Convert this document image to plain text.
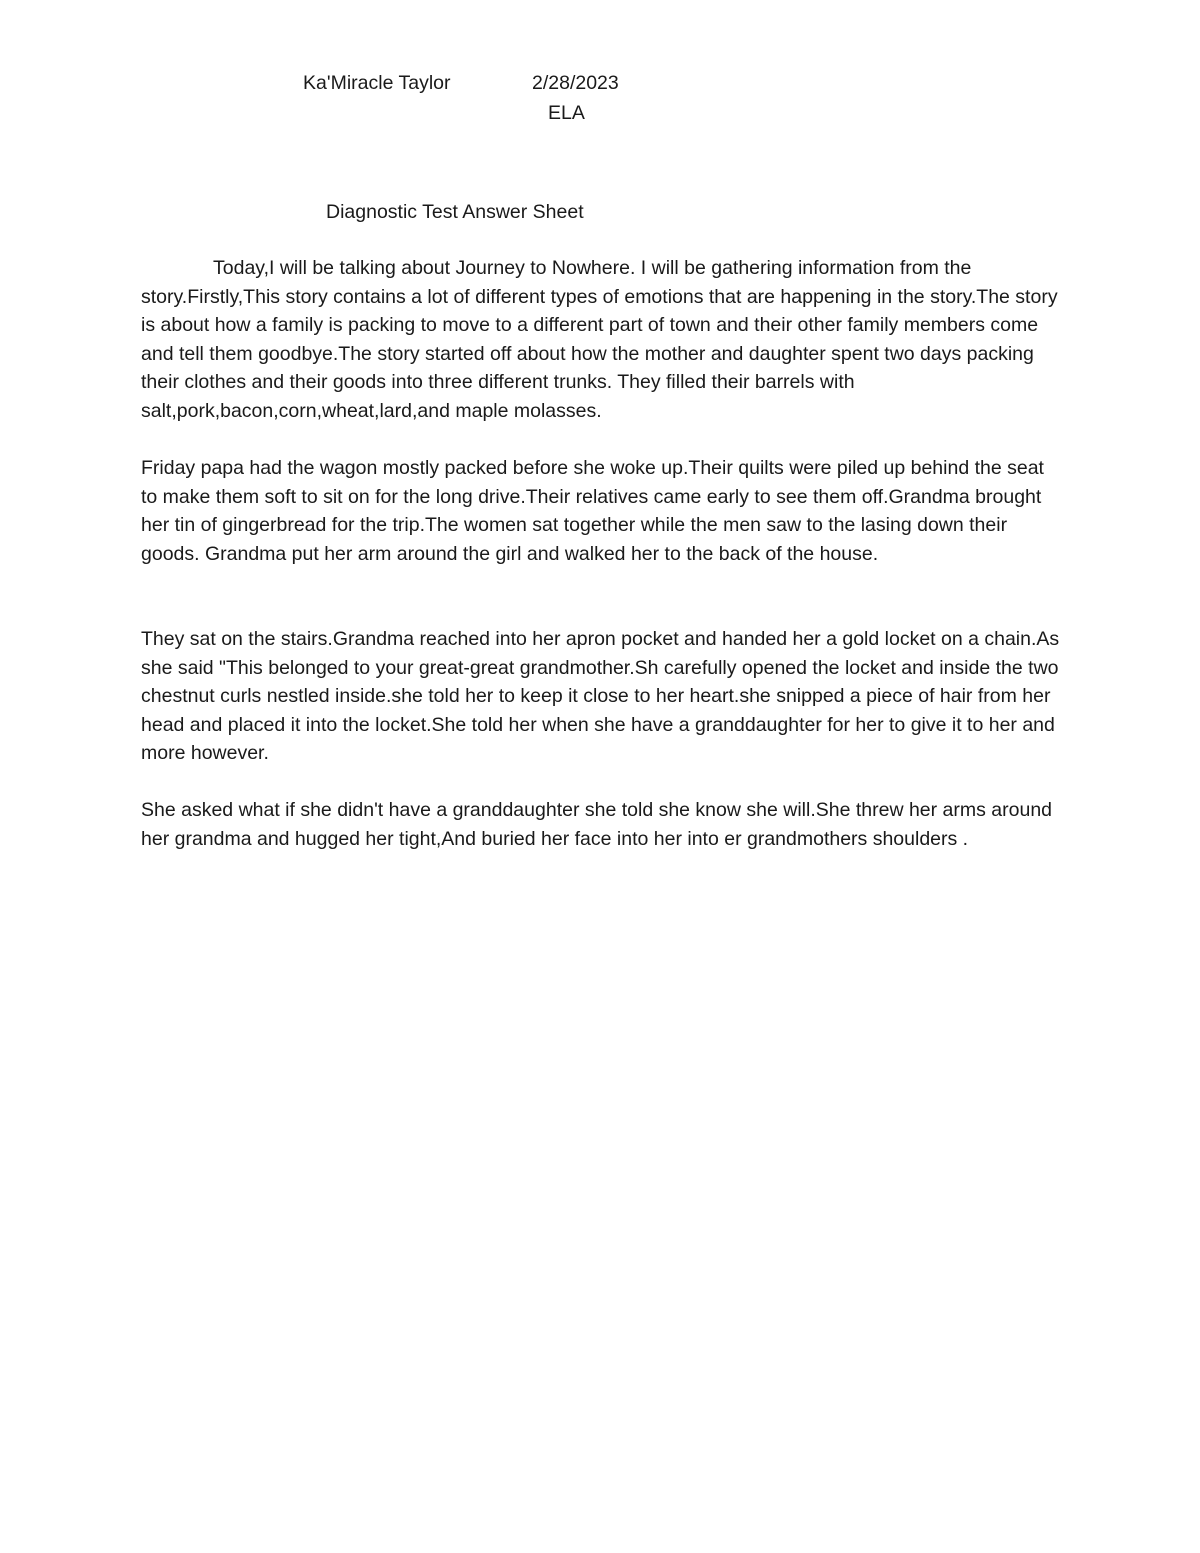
Ka'Miracle Taylor	2/28/2023
ELA
Diagnostic Test Answer Sheet

Today,I will be talking about Journey to Nowhere. I will be gathering information from the story.Firstly,This story contains a lot of different types of emotions that are happening in the story.The story is about how a family is packing to move to a different part of town and their other family members come and tell them goodbye.The story started off about how the mother and daughter spent two days packing their clothes and their goods into three different trunks. They filled their barrels with salt,pork,bacon,corn,wheat,lard,and maple molasses.

Friday papa had the wagon mostly packed before she woke up.Their quilts were piled up behind the seat to make them soft to sit on for the long drive.Their relatives came early to see them off.Grandma brought her tin of gingerbread for the trip.The women sat together while the men saw to the lasing down their goods. Grandma put her arm around the girl and walked her to the back of the house.

They sat on the stairs.Grandma reached into her apron pocket and handed her a gold locket on a chain.As she said "This belonged to your great-great grandmother.Sh carefully opened the locket and inside the two chestnut curls nestled inside.she told her to keep it close to her heart.she snipped a piece of hair from her head and placed it into the locket.She told her when she have a granddaughter for her to give it to her and more however.

She asked what if she didn't have a granddaughter she told she know she will.She threw her arms around her grandma and hugged her tight,And buried her face into her into er grandmothers shoulders .
